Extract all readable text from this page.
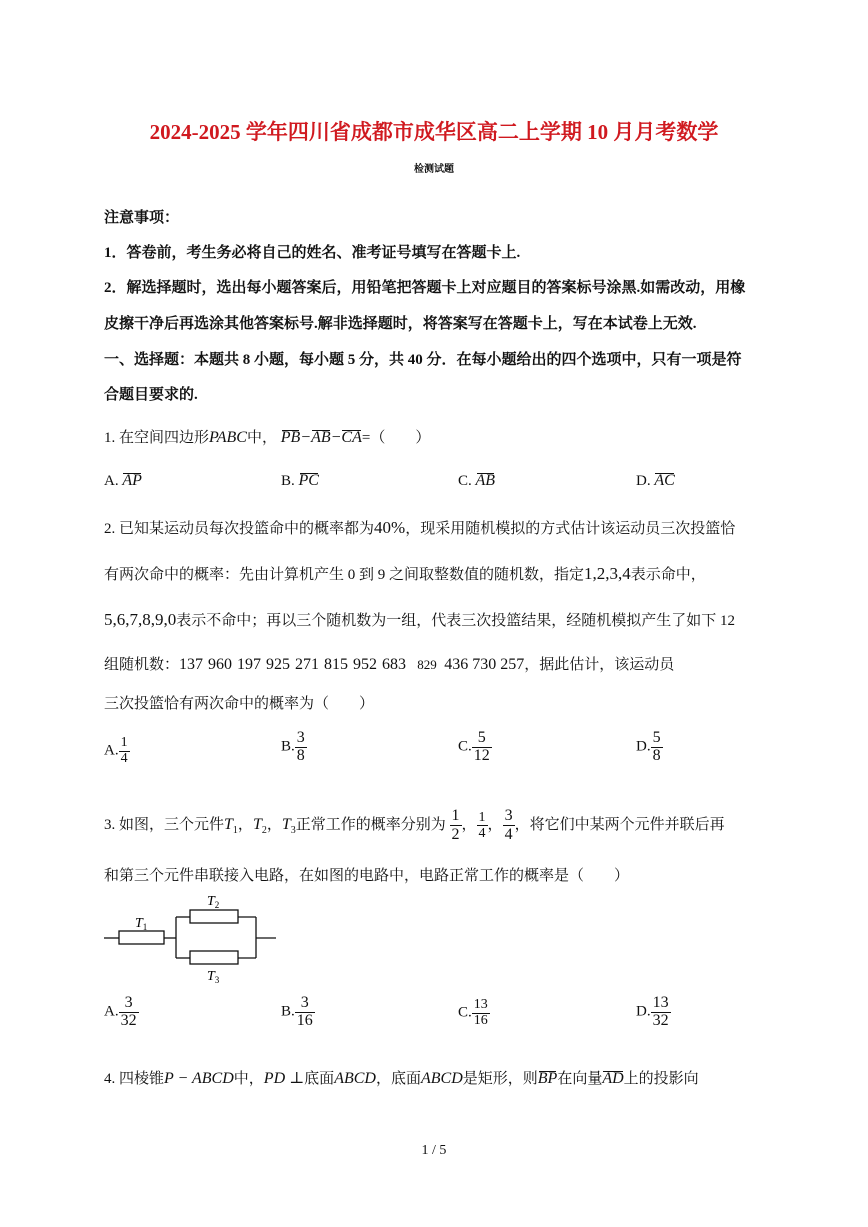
2024-2025 学年四川省成都市成华区高二上学期 10 月月考数学
检测试题
注意事项：
1．答卷前，考生务必将自己的姓名、准考证号填写在答题卡上.
2．解选择题时，选出每小题答案后，用铅笔把答题卡上对应题目的答案标号涂黑.如需改动，用橡
皮擦干净后再选涂其他答案标号.解非选择题时，将答案写在答题卡上，写在本试卷上无效.
一、选择题：本题共 8 小题，每小题 5 分，共 40 分．在每小题给出的四个选项中，只有一项是符
合题目要求的.
1. 在空间四边形PABC中， PB−AB−CA=（　　）
A. AP	B. PC	C. AB	D. AC
2. 已知某运动员每次投篮命中的概率都为40%，现采用随机模拟的方式估计该运动员三次投篮恰
有两次命中的概率：先由计算机产生 0 到 9 之间取整数值的随机数，指定1,2,3,4表示命中，
5,6,7,8,9,0表示不命中；再以三个随机数为一组，代表三次投篮结果，经随机模拟产生了如下 12
组随机数：137 960 197 925 271 815 952 683 829 436 730 257，据此估计，该运动员
三次投篮恰有两次命中的概率为（　　）
A. $\frac{1}{4}$	B. $\frac{3}{8}$	C. $\frac{5}{12}$	D. $\frac{5}{8}$
3. 如图，三个元件$T_1$，$T_2$，$T_3$正常工作的概率分别为 $\frac{1}{2}$ ， $\frac{1}{4}$ ， $\frac{3}{4}$ ，将它们中某两个元件并联后再
和第三个元件串联接入电路，在如图的电路中，电路正常工作的概率是（　　）
$T_1$
$T_2$
$T_3$
A. $\frac{3}{32}$	B. $\frac{3}{16}$	C. $\frac{13}{16}$	D. $\frac{13}{32}$
4. 四棱锥P − ABCD中，PD ⊥底面ABCD，底面ABCD是矩形，则BP在向量AD上的投影向
1 / 5
